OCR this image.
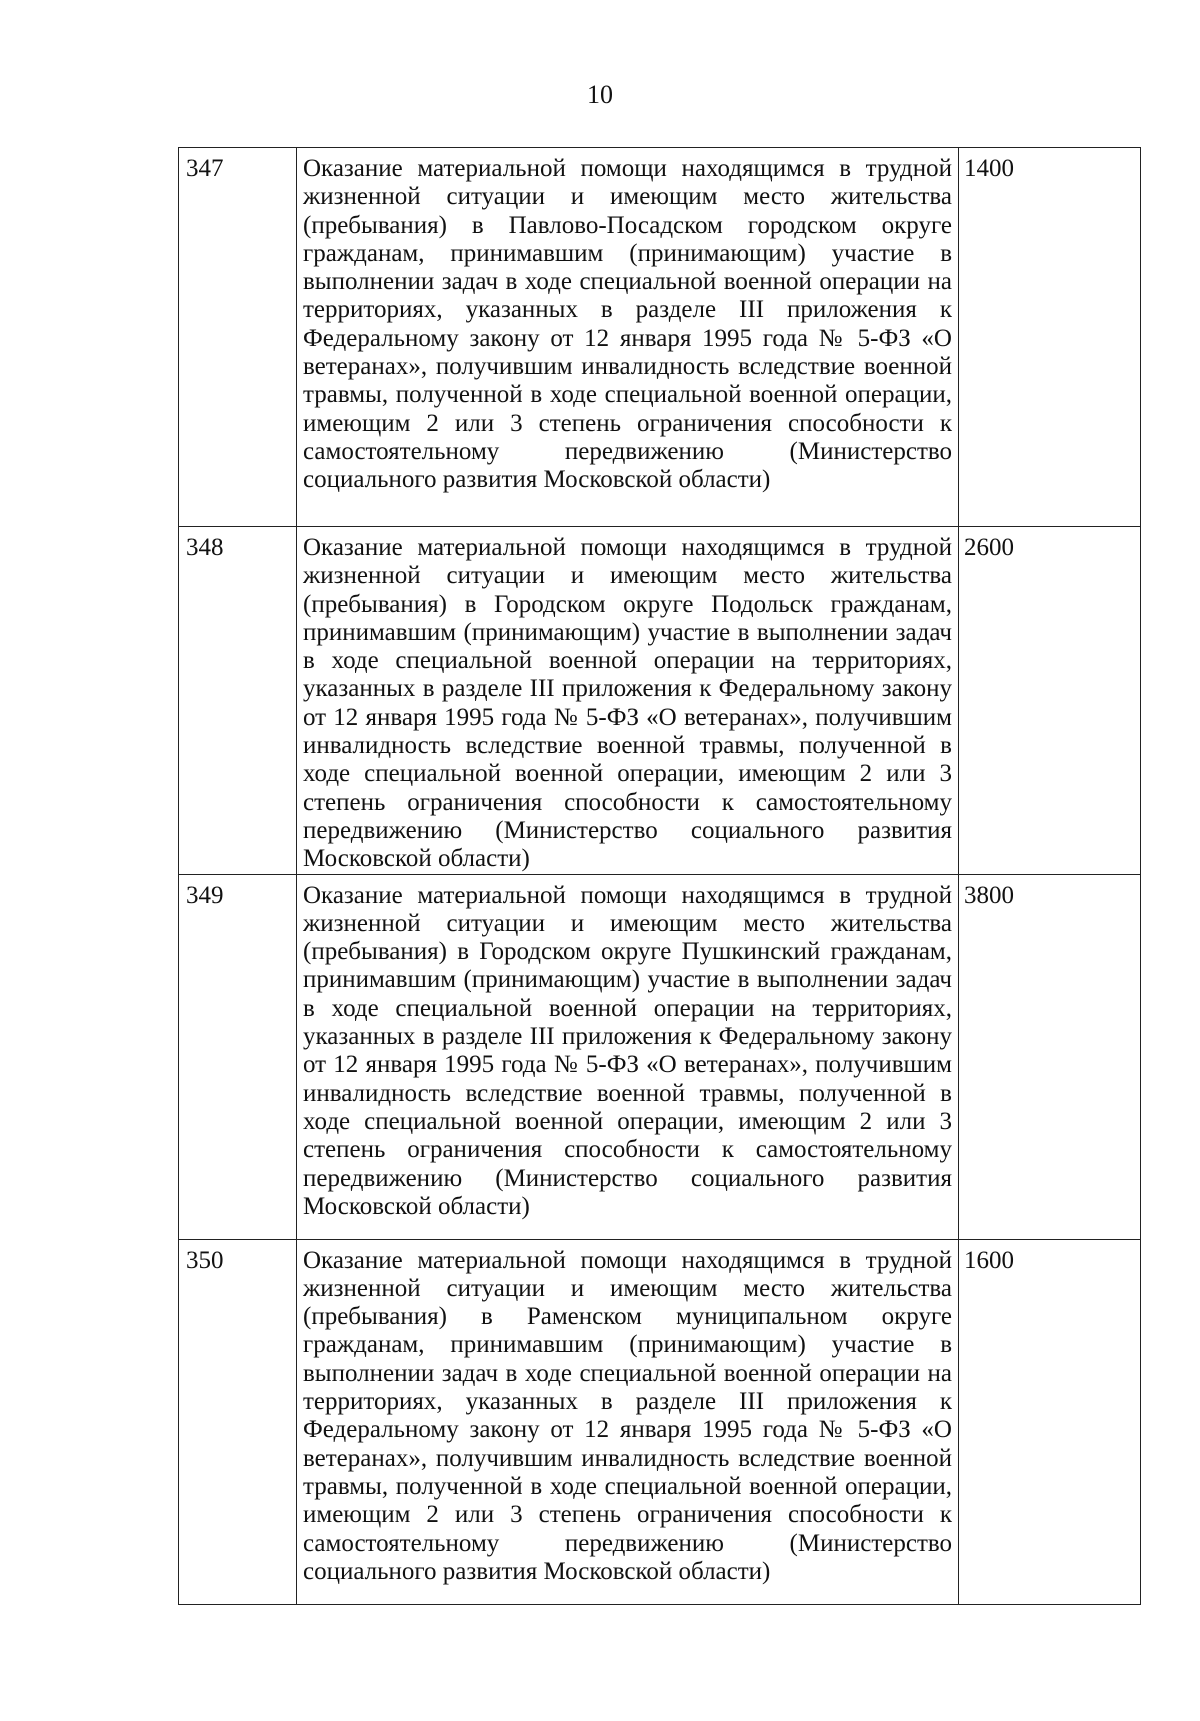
10
347	Оказание материальной помощи находящимся в трудной жизненной ситуации и имеющим место жительства (пребывания) в Павлово-Посадском городском округе гражданам, принимавшим (принимающим) участие в выполнении задач в ходе специальной военной операции на территориях, указанных в разделе III приложения к Федеральному закону от 12 января 1995 года № 5-ФЗ «О ветеранах», получившим инвалидность вследствие военной травмы, полученной в ходе специальной военной операции, имеющим 2 или 3 степень ограничения способности к самостоятельному передвижению (Министерство социального развития Московской области)	1400
348	Оказание материальной помощи находящимся в трудной жизненной ситуации и имеющим место жительства (пребывания) в Городском округе Подольск гражданам, принимавшим (принимающим) участие в выполнении задач в ходе специальной военной операции на территориях, указанных в разделе III приложения к Федеральному закону от 12 января 1995 года № 5-ФЗ «О ветеранах», получившим инвалидность вследствие военной травмы, полученной в ходе специальной военной операции, имеющим 2 или 3 степень ограничения способности к самостоятельному передвижению (Министерство социального развития Московской области)	2600
349	Оказание материальной помощи находящимся в трудной жизненной ситуации и имеющим место жительства (пребывания) в Городском округе Пушкинский гражданам, принимавшим (принимающим) участие в выполнении задач в ходе специальной военной операции на территориях, указанных в разделе III приложения к Федеральному закону от 12 января 1995 года № 5-ФЗ «О ветеранах», получившим инвалидность вследствие военной травмы, полученной в ходе специальной военной операции, имеющим 2 или 3 степень ограничения способности к самостоятельному передвижению (Министерство социального развития Московской области)	3800
350	Оказание материальной помощи находящимся в трудной жизненной ситуации и имеющим место жительства (пребывания) в Раменском муниципальном округе гражданам, принимавшим (принимающим) участие в выполнении задач в ходе специальной военной операции на территориях, указанных в разделе III приложения к Федеральному закону от 12 января 1995 года № 5-ФЗ «О ветеранах», получившим инвалидность вследствие военной травмы, полученной в ходе специальной военной операции, имеющим 2 или 3 степень ограничения способности к самостоятельному передвижению (Министерство социального развития Московской области)	1600
